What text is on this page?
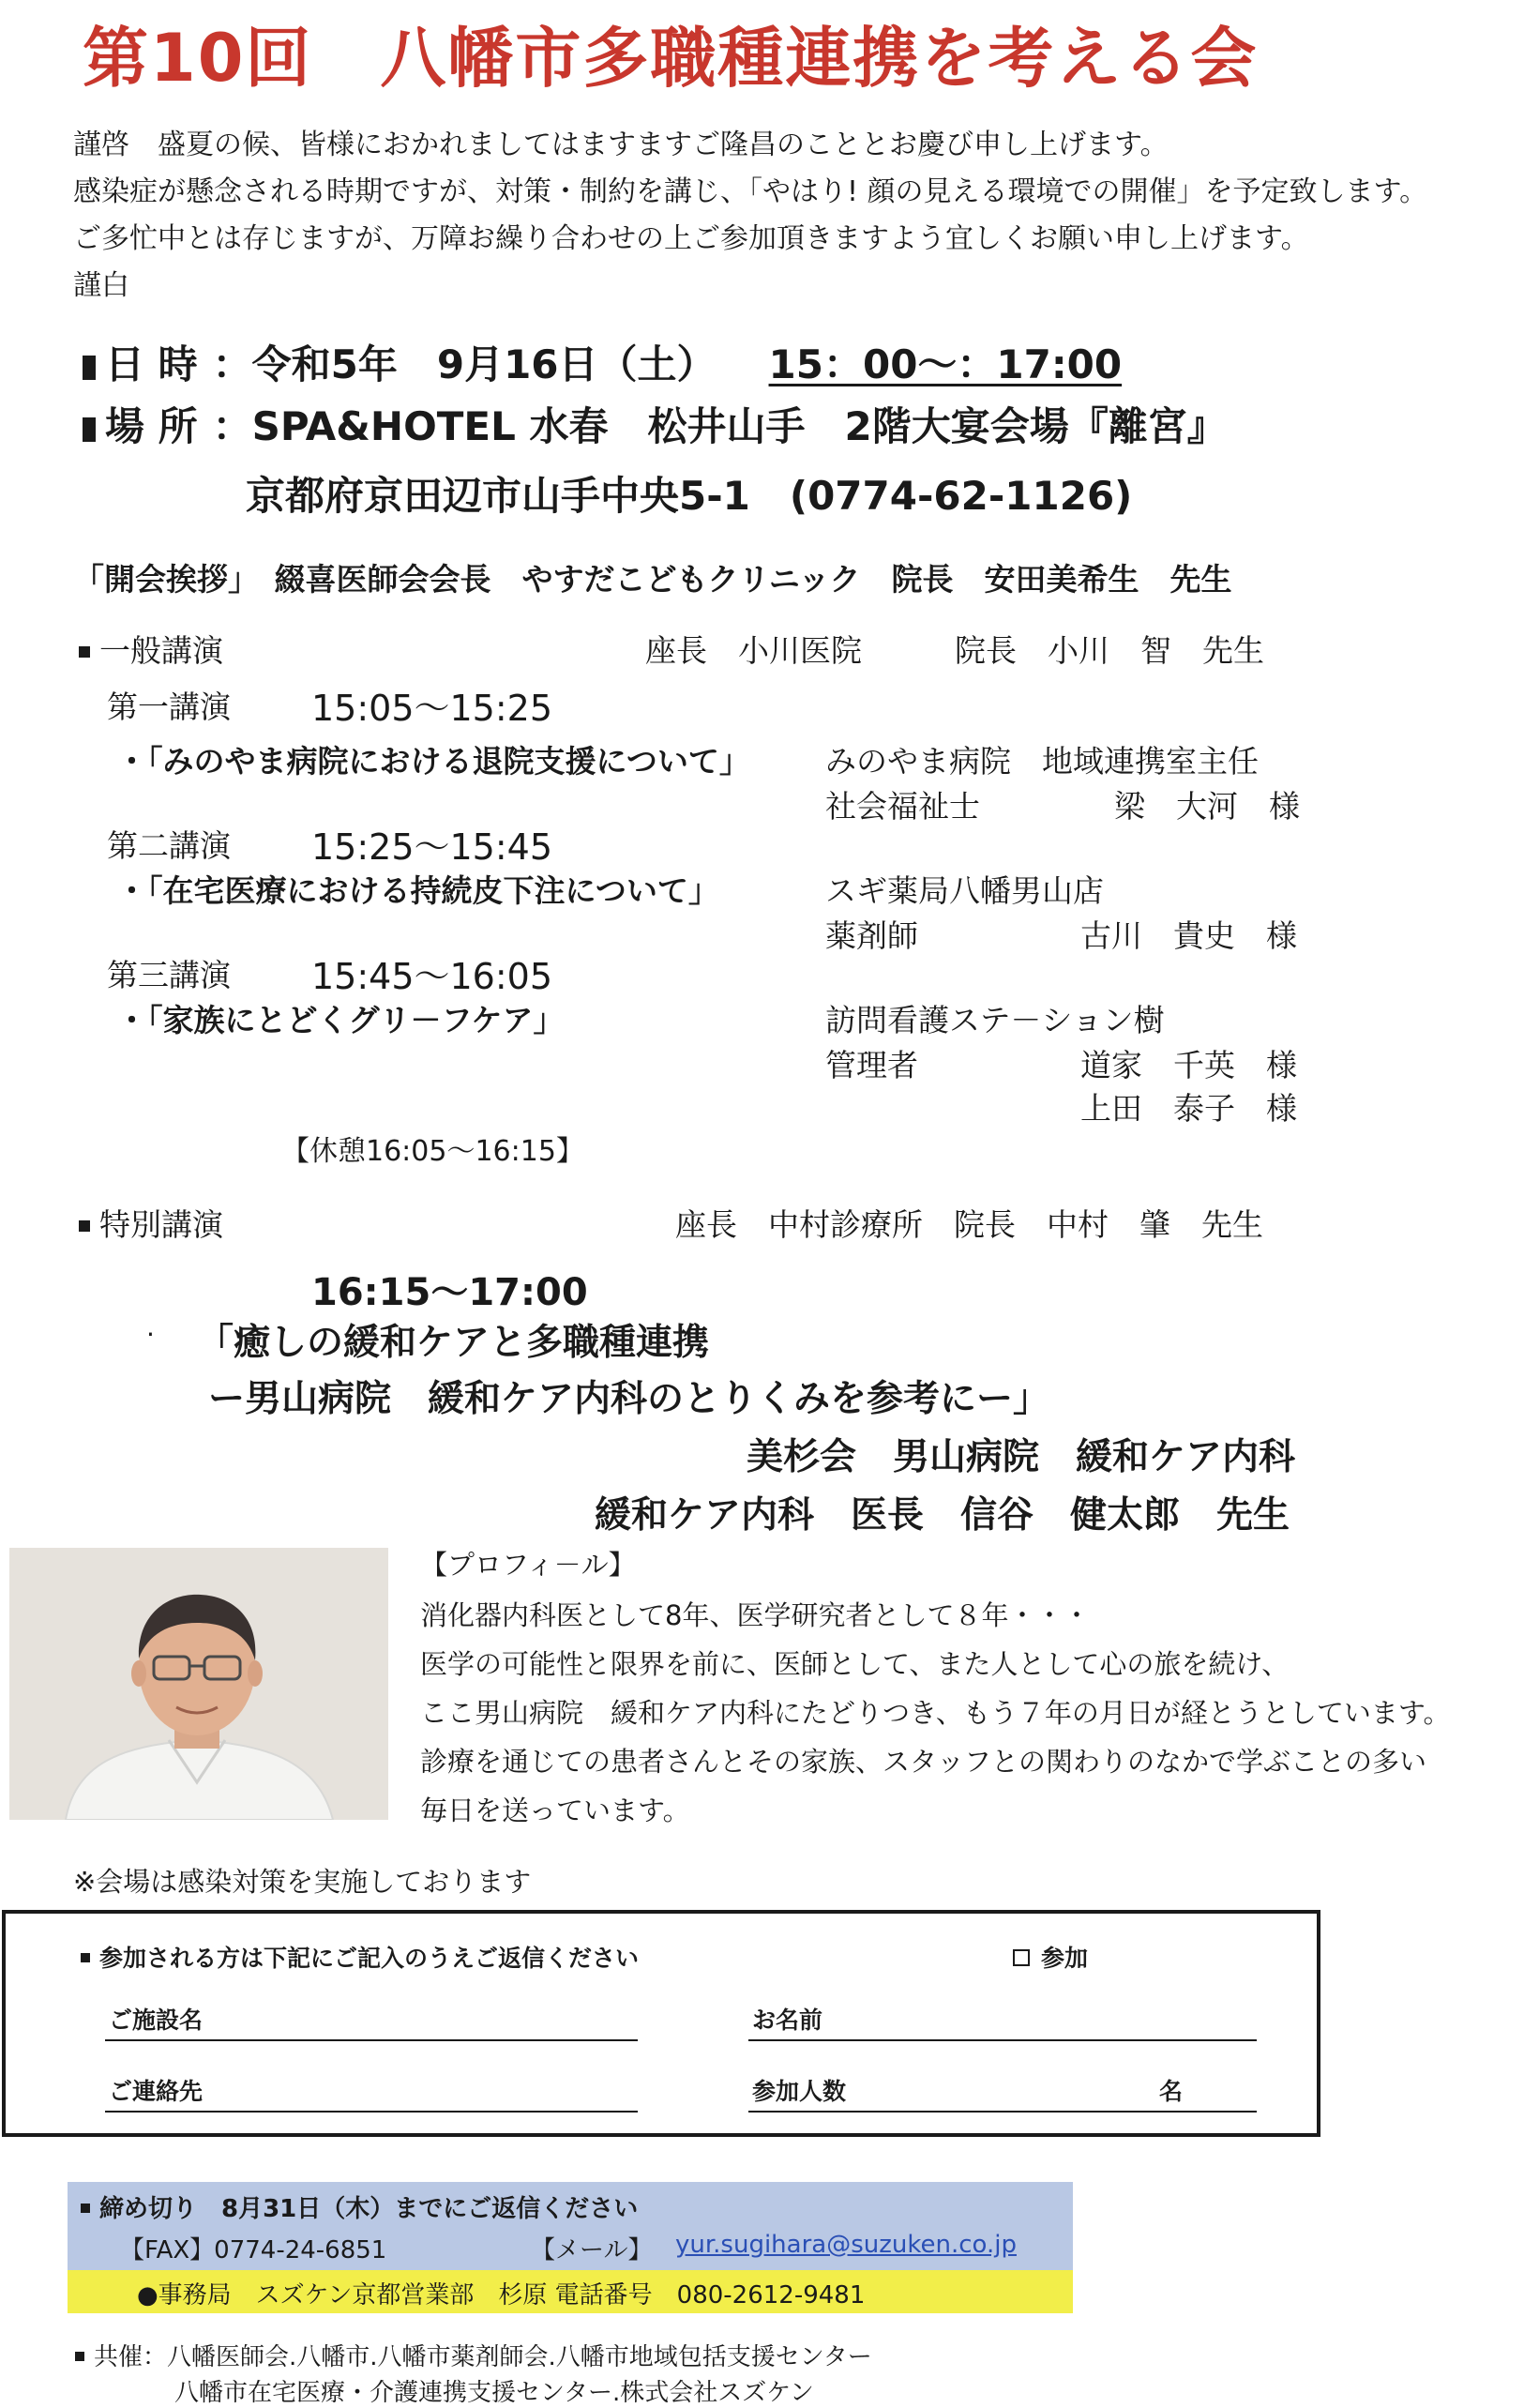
第10回　八幡市多職種連携を考える会
謹啓　盛夏の候、皆様におかれましてはますますご隆昌のこととお慶び申し上げます。
感染症が懸念される時期ですが、対策・制約を講じ、「やはり! 顔の見える環境での開催」を予定致します。
ご多忙中とは存じますが、万障お繰り合わせの上ご参加頂きますよう宜しくお願い申し上げます。
謹白
日 時 ：令和5年　9月16日（土） 15：00～：17:00
場 所 ：SPA&HOTEL 水春　松井山手　2階大宴会場『離宮』
京都府京田辺市山手中央5-1　(0774-62-1126)
「開会挨拶」　綴喜医師会会長　やすだこどもクリニック　院長　安田美希生　先生
一般講演	座長　小川医院　　　院長　小川　智　先生
第一講演 15:05～15:25
・「みのやま病院における退院支援について」 みのやま病院　地域連携室主任
社会福祉士	梁　大河　様
第二講演 15:25～15:45
・「在宅医療における持続皮下注について」	スギ薬局八幡男山店
薬剤師	古川　貴史　様
第三講演 15:45～16:05
・「家族にとどくグリ－フケア」	訪問看護ステ－ション樹
管理者	道家　千英　様
上田　泰子　様
【休憩16:05～16:15】
特別講演	座長　中村診療所　院長　中村　肇　先生
16:15～17:00
· 「癒しの緩和ケアと多職種連携
ー男山病院　緩和ケア内科のとりくみを参考にー」
美杉会　男山病院　緩和ケア内科
緩和ケア内科　医長　信谷　健太郎　先生
【プロフィ－ル】
消化器内科医として8年、医学研究者として８年・・・
医学の可能性と限界を前に、医師として、また人として心の旅を続け、
ここ男山病院　緩和ケア内科にたどりつき、もう７年の月日が経とうとしています。
診療を通じての患者さんとその家族、スタッフとの関わりのなかで学ぶことの多い
毎日を送っています。
※会場は感染対策を実施しております
参加される方は下記にご記入のうえご返信ください	参加
ご施設名	お名前
ご連絡先	参加人数	名
締め切り　8月31日（木）までにご返信ください
【FAX】0774-24-6851	【メール】 yur.sugihara@suzuken.co.jp
●事務局　スズケン京都営業部　杉原 電話番号　080-2612-9481
共催：八幡医師会.八幡市.八幡市薬剤師会.八幡市地域包括支援センター
八幡市在宅医療・介護連携支援センター.株式会社スズケン
